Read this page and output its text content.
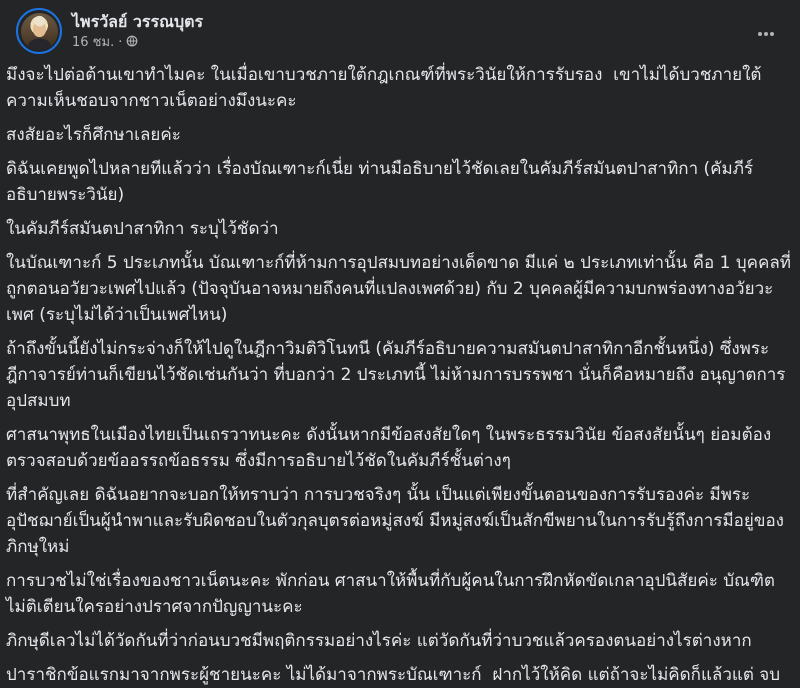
ไพรวัลย์ วรรณบุตร
16 ชม. ·

มึงจะไปต่อต้านเขาทำไมคะ ในเมื่อเขาบวชภายใต้กฎเกณฑ์ที่พระวินัยให้การรับรอง  เขาไม่ได้บวชภายใต้ความเห็นชอบจากชาวเน็ตอย่างมึงนะคะ

สงสัยอะไรก็ศึกษาเลยค่ะ

ดิฉันเคยพูดไปหลายทีแล้วว่า เรื่องบัณเฑาะก์เนี่ย ท่านมือธิบายไว้ชัดเลยในคัมภีร์สมันตปาสาทิกา (คัมภีร์อธิบายพระวินัย)

ในคัมภีร์สมันตปาสาทิกา ระบุไว้ชัดว่า

ในบัณเฑาะก์ 5 ประเภทนั้น บัณเฑาะก์ที่ห้ามการอุปสมบทอย่างเด็ดขาด มีแค่ ๒ ประเภทเท่านั้น คือ 1 บุคคลที่ถูกตอนอวัยวะเพศไปแล้ว (ปัจจุบันอาจหมายถึงคนที่แปลงเพศด้วย) กับ 2 บุคคลผู้มีความบกพร่องทางอวัยวะเพศ (ระบุไม่ได้ว่าเป็นเพศไหน)

ถ้าถึงขั้นนี้ยังไม่กระจ่างก็ให้ไปดูในฎีกาวิมติวิโนทนี (คัมภีร์อธิบายความสมันตปาสาทิกาอีกชั้นหนึ่ง) ซึ่งพระฎีกาจารย์ท่านก็เขียนไว้ชัดเช่นกันว่า ที่บอกว่า 2 ประเภทนี้ ไม่ห้ามการบรรพชา นั่นก็คือหมายถึง อนุญาตการอุปสมบท

ศาสนาพุทธในเมืองไทยเป็นเถรวาทนะคะ ดังนั้นหากมีข้อสงสัยใดๆ ในพระธรรมวินัย ข้อสงสัยนั้นๆ ย่อมต้องตรวจสอบด้วยข้ออรรถข้อธรรม ซึ่งมีการอธิบายไว้ชัดในคัมภีร์ชั้นต่างๆ

ที่สำคัญเลย ดิฉันอยากจะบอกให้ทราบว่า การบวชจริงๆ นั้น เป็นแต่เพียงขั้นตอนของการรับรองค่ะ มีพระอุปัชฌาย์เป็นผู้นำพาและรับผิดชอบในตัวกุลบุตรต่อหมู่สงฆ์ มีหมู่สงฆ์เป็นสักขีพยานในการรับรู้ถึงการมีอยู่ของภิกษุใหม่

การบวชไม่ใช่เรื่องของชาวเน็ตนะคะ พักก่อน ศาสนาให้พื้นที่กับผู้คนในการฝึกหัดขัดเกลาอุปนิสัยค่ะ บัณฑิตไม่ติเตียนใครอย่างปราศจากปัญญานะคะ

ภิกษุดีเลวไม่ได้วัดกันที่ว่าก่อนบวชมีพฤติกรรมอย่างไรค่ะ แต่วัดกันที่ว่าบวชแล้วครองตนอย่างไรต่างหาก

ปาราชิกข้อแรกมาจากพระผู้ชายนะคะ ไม่ได้มาจากพระบัณเฑาะก์  ฝากไว้ให้คิด แต่ถ้าจะไม่คิดก็แล้วแต่ จบ
